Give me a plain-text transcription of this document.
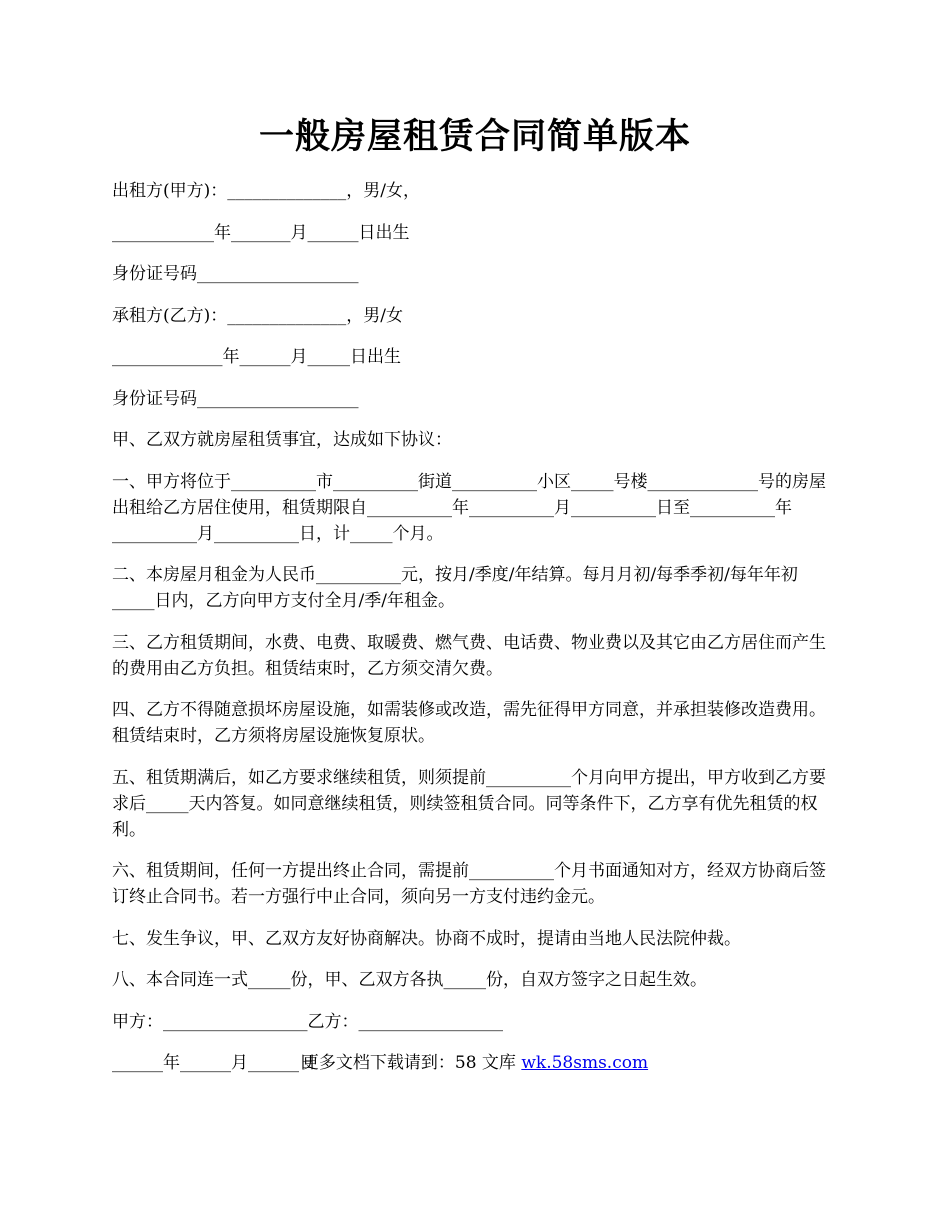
一般房屋租赁合同简单版本

出租方(甲方)：______________，男/女，

____________年_______月______日出生

身份证号码___________________

承租方(乙方)：______________，男/女

_____________年______月_____日出生

身份证号码___________________

甲、乙双方就房屋租赁事宜，达成如下协议：

一、甲方将位于__________市__________街道__________小区_____号楼_____________号的房屋出租给乙方居住使用，租赁期限自__________年__________月__________日至__________年__________月__________日，计_____个月。

二、本房屋月租金为人民币__________元，按月/季度/年结算。每月月初/每季季初/每年年初_____日内，乙方向甲方支付全月/季/年租金。

三、乙方租赁期间，水费、电费、取暖费、燃气费、电话费、物业费以及其它由乙方居住而产生的费用由乙方负担。租赁结束时，乙方须交清欠费。

四、乙方不得随意损坏房屋设施，如需装修或改造，需先征得甲方同意，并承担装修改造费用。租赁结束时，乙方须将房屋设施恢复原状。

五、租赁期满后，如乙方要求继续租赁，则须提前__________个月向甲方提出，甲方收到乙方要求后_____天内答复。如同意继续租赁，则续签租赁合同。同等条件下，乙方享有优先租赁的权利。

六、租赁期间，任何一方提出终止合同，需提前__________个月书面通知对方，经双方协商后签订终止合同书。若一方强行中止合同，须向另一方支付违约金元。

七、发生争议，甲、乙双方友好协商解决。协商不成时，提请由当地人民法院仲裁。

八、本合同连一式_____份，甲、乙双方各执_____份，自双方签字之日起生效。

甲方：_________________乙方：_________________

______年______月______日

更多文档下载请到：58 文库 wk.58sms.com
